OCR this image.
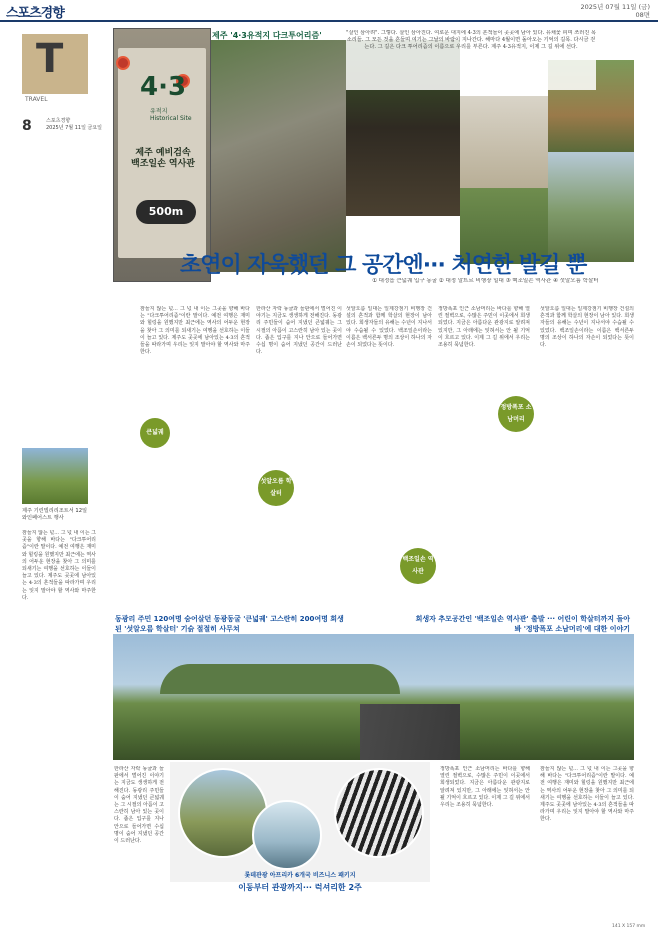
스포츠경향	2025년 07월 11일 (금)
08면
T
TRAVEL
8	스포츠경향
2025년 7월 11일 금요일
4·3
유적지
Historical Site
제주 예비검속 백조일손 역사관
500m
제주 '4·3유적지 다크투어리즘'	"살인 삼아려". 그렇다. 살인 삼아진다. 여로운 대지에 4·3의 흔적들이 곳곳에 남아 있다. 유채꽃 피며 쓰러진 목소리들. 그 모든 것을 흔들며 여기는 그날의 바람이 지나간다. 해마다 4월이면 돌아오는 기억의 길목. 다시금 걷는다. 그 길은 다크 투어리즘의 이름으로 우리를 부른다. 제주 4·3유적지, 이제 그 길 위에 선다.
초연이 자욱했던 그 공간엔··· 처연한 발길 뿐
① 대정읍 큰넓궤 입구 동굴 ② 대정 알뜨르 비행장 일대 ③ 백조일손 역사관 ④ 섯알오름 학살터
제주 기린빌리리조트서 12일 와인페어스트 행사
잠들지 않는 넋... 그 넋 내 이는 그곳을 향해 바다는 "다크투어리즘"이란 말이다. 예전 여행은 재미와 힐링을 원했지만 최근에는 역사의 어두운 현장을 찾아 그 의미를 되새기는 여행을 선호하는 이들이 늘고 있다. 제주도 곳곳에 남아있는 4·3의 흔적들을 따라가며 우리는 잊지 말아야 할 역사와 마주한다.
잠들지 않는 넋... 그 넋 내 이는 그곳을 향해 바다는 "다크투어리즘"이란 말이다. 예전 여행은 재미와 힐링을 원했지만 최근에는 역사의 어두운 현장을 찾아 그 의미를 되새기는 여행을 선호하는 이들이 늘고 있다. 제주도 곳곳에 남아있는 4·3의 흔적들을 따라가며 우리는 잊지 말아야 할 역사와 마주한다.
한라산 자락 동굴과 들판에서 벌어진 이야기는 지금도 생생하게 전해진다. 동광리 주민들이 숨어 지냈던 큰넓궤는 그 시절의 아픔이 고스란히 남아 있는 곳이다. 좁은 입구를 지나 안으로 들어가면 수십 명이 숨어 지냈던 공간이 드러난다.
섯알오름 일대는 일제강점기 비행장 건설의 흔적과 함께 학살의 현장이 남아 있다. 희생자들의 유해는 수년이 지나서야 수습될 수 있었다. 백조일손이라는 이름은 백서른두 명의 조상이 하나의 자손이 되었다는 뜻이다.
정방폭포 인근 소남머리는 바다를 향해 열린 절벽으로, 수많은 주민이 이곳에서 희생되었다. 지금은 아름다운 관광지로 알려져 있지만, 그 아래에는 잊혀서는 안 될 기억이 흐르고 있다. 이제 그 길 위에서 우리는 조용히 묵념한다.
섯알오름 일대는 일제강점기 비행장 건설의 흔적과 함께 학살의 현장이 남아 있다. 희생자들의 유해는 수년이 지나서야 수습될 수 있었다. 백조일손이라는 이름은 백서른두 명의 조상이 하나의 자손이 되었다는 뜻이다.
큰넓궤
섯알오름 학살터
백조일손 역사관
정방폭포 소남머리
동광리 주민 120여명 숨어살던 동광동굴 '큰넓궤' 고스란히 200여명 희생된 '섯알오름 학살터' 기슭 절절히 사무쳐
희생자 추모공간인 '백조일손 역사관' 출발 ··· 어린이 학살터까지 돌아봐 '정방폭포 소남머리'에 대한 이야기
한라산 자락 동굴과 들판에서 벌어진 이야기는 지금도 생생하게 전해진다. 동광리 주민들이 숨어 지냈던 큰넓궤는 그 시절의 아픔이 고스란히 남아 있는 곳이다. 좁은 입구를 지나 안으로 들어가면 수십 명이 숨어 지냈던 공간이 드러난다.
정방폭포 인근 소남머리는 바다를 향해 열린 절벽으로, 수많은 주민이 이곳에서 희생되었다. 지금은 아름다운 관광지로 알려져 있지만, 그 아래에는 잊혀서는 안 될 기억이 흐르고 있다. 이제 그 길 위에서 우리는 조용히 묵념한다.
잠들지 않는 넋... 그 넋 내 이는 그곳을 향해 바다는 "다크투어리즘"이란 말이다. 예전 여행은 재미와 힐링을 원했지만 최근에는 역사의 어두운 현장을 찾아 그 의미를 되새기는 여행을 선호하는 이들이 늘고 있다. 제주도 곳곳에 남아있는 4·3의 흔적들을 따라가며 우리는 잊지 말아야 할 역사와 마주한다.
롯데관광 아프리카 6개국 비즈니스 패키지
이동부터 관광까지··· 럭셔리한 2주
141 X 157 mm
